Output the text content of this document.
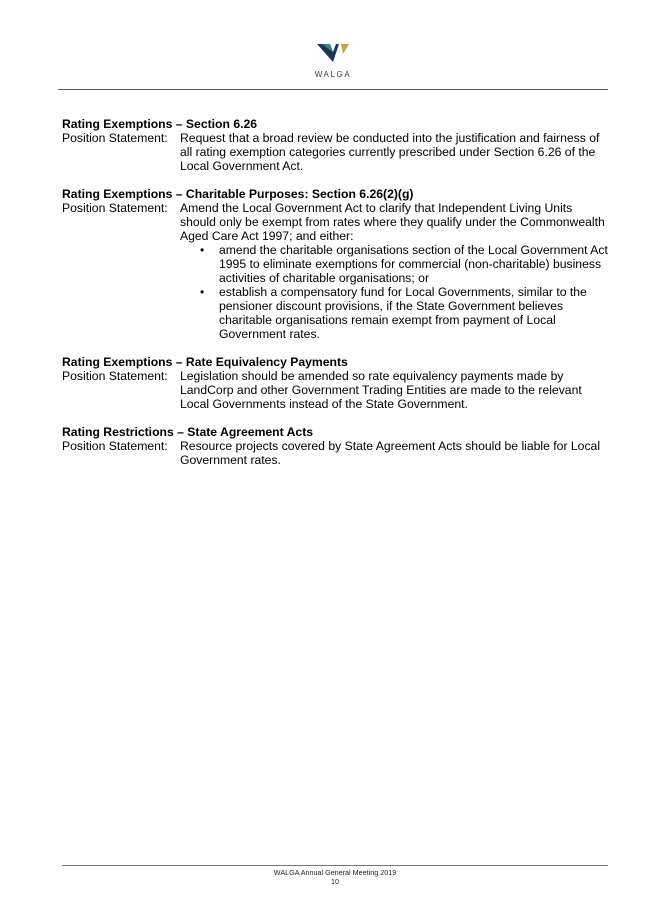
WALGA
Rating Exemptions – Section 6.26
Position Statement:	Request that a broad review be conducted into the justification and fairness of all rating exemption categories currently prescribed under Section 6.26 of the Local Government Act.
Rating Exemptions – Charitable Purposes: Section 6.26(2)(g)
Position Statement:	Amend the Local Government Act to clarify that Independent Living Units should only be exempt from rates where they qualify under the Commonwealth Aged Care Act 1997; and either:
• amend the charitable organisations section of the Local Government Act 1995 to eliminate exemptions for commercial (non-charitable) business activities of charitable organisations; or
• establish a compensatory fund for Local Governments, similar to the pensioner discount provisions, if the State Government believes charitable organisations remain exempt from payment of Local Government rates.
Rating Exemptions – Rate Equivalency Payments
Position Statement:	Legislation should be amended so rate equivalency payments made by LandCorp and other Government Trading Entities are made to the relevant Local Governments instead of the State Government.
Rating Restrictions – State Agreement Acts
Position Statement:	Resource projects covered by State Agreement Acts should be liable for Local Government rates.
WALGA Annual General Meeting 2019
10
